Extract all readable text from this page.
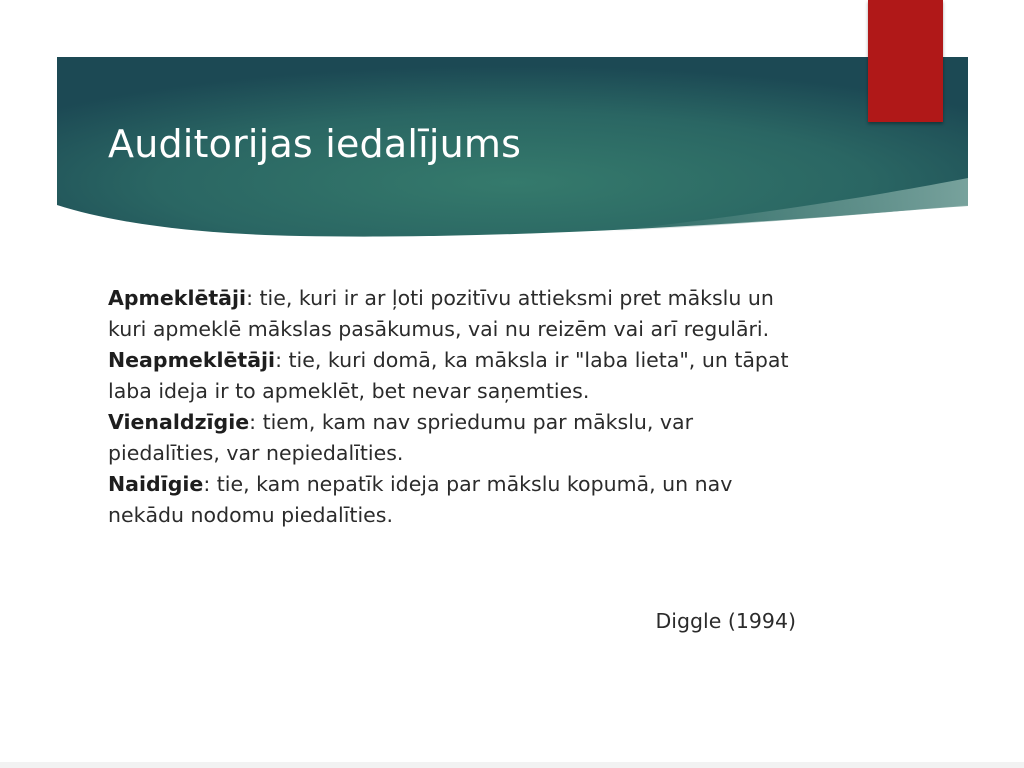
Auditorijas iedalījums

Apmeklētāji: tie, kuri ir ar ļoti pozitīvu attieksmi pret mākslu un kuri apmeklē mākslas pasākumus, vai nu reizēm vai arī regulāri.

Neapmeklētāji: tie, kuri domā, ka māksla ir "laba lieta", un tāpat laba ideja ir to apmeklēt, bet nevar saņemties.

Vienaldzīgie: tiem, kam nav spriedumu par mākslu, var piedalīties, var nepiedalīties.

Naidīgie: tie, kam nepatīk ideja par mākslu kopumā, un nav nekādu nodomu piedalīties.

Diggle (1994)
